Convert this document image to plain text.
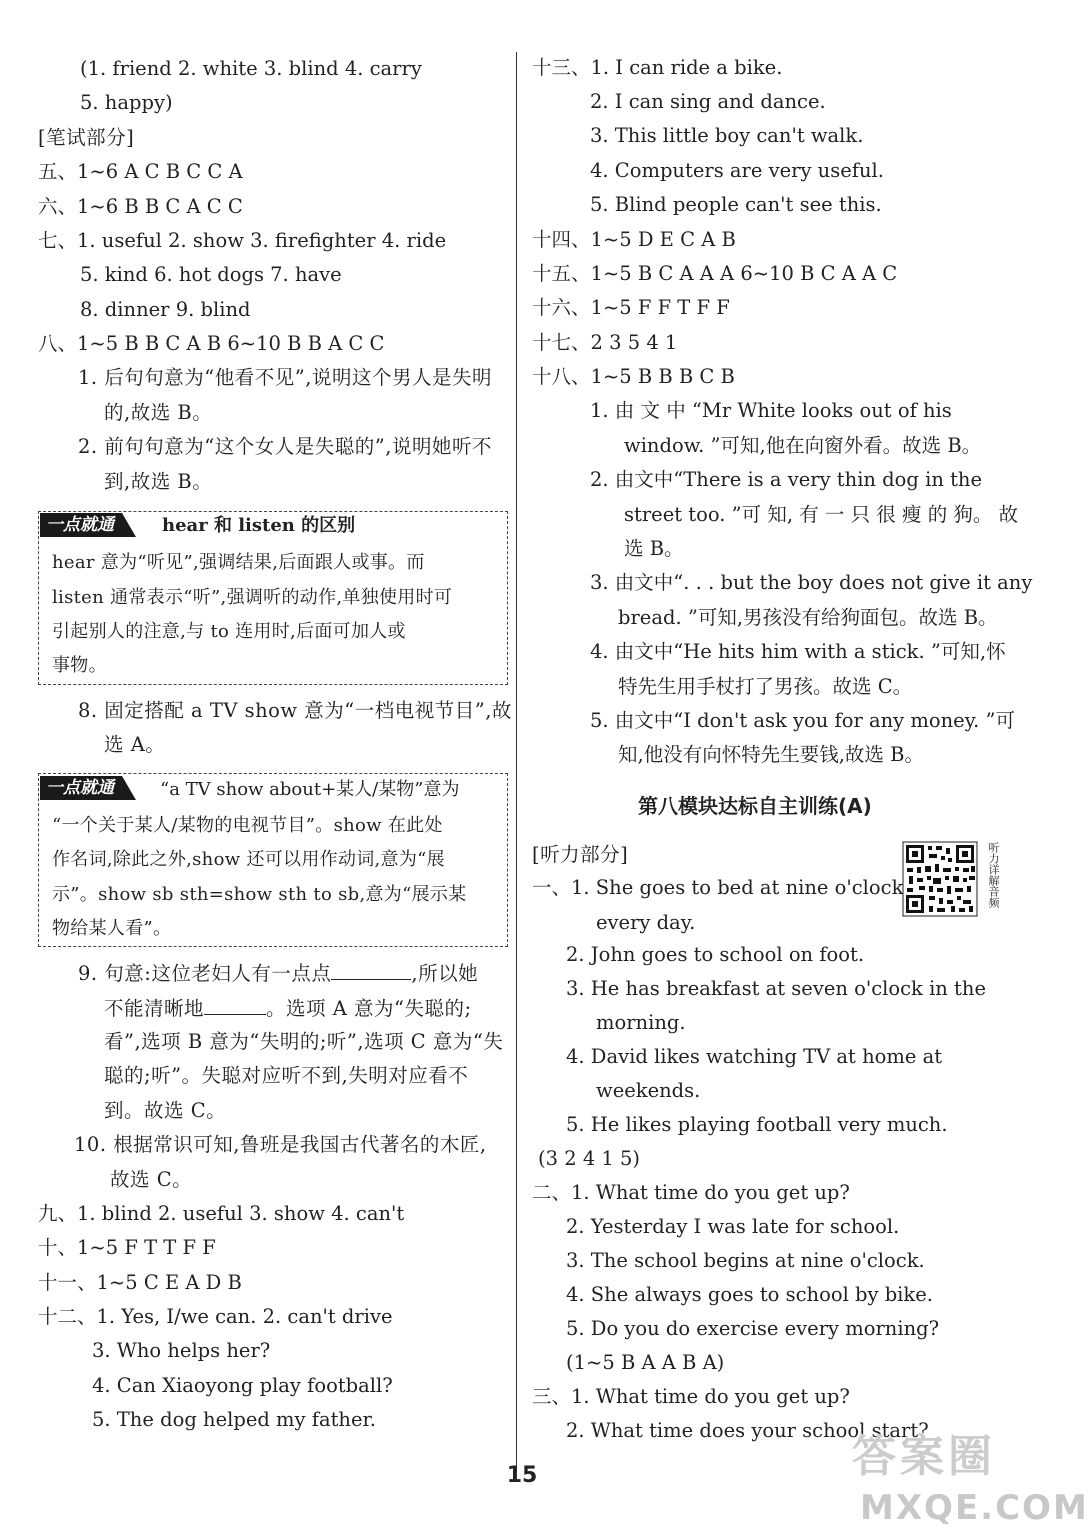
(1. friend 2. white 3. blind 4. carry
5. happy)
[笔试部分]
五、1~6 A C B C C A
六、1~6 B B C A C C
七、1. useful 2. show 3. firefighter 4. ride
5. kind 6. hot dogs 7. have
8. dinner 9. blind
八、1~5 B B C A B 6~10 B B A C C
1. 后句句意为“他看不见”,说明这个男人是失明
的,故选 B。
2. 前句句意为“这个女人是失聪的”,说明她听不
到,故选 B。
一点就通	hear 和 listen 的区别
hear 意为“听见”,强调结果,后面跟人或事。而
listen 通常表示“听”,强调听的动作,单独使用时可
引起别人的注意,与 to 连用时,后面可加人或
事物。
8. 固定搭配 a TV show 意为“一档电视节目”,故
选 A。
一点就通	“a TV show about+某人/某物”意为
“一个关于某人/某物的电视节目”。show 在此处
作名词,除此之外,show 还可以用作动词,意为“展
示”。show sb sth=show sth to sb,意为“展示某
物给某人看”。
9. 句意:这位老妇人有一点点	,所以她
不能清晰地	。选项 A 意为“失聪的;
看”,选项 B 意为“失明的;听”,选项 C 意为“失
聪的;听”。失聪对应听不到,失明对应看不
到。故选 C。
10. 根据常识可知,鲁班是我国古代著名的木匠,
故选 C。
九、1. blind 2. useful 3. show 4. can't
十、1~5 F T T F F
十一、1~5 C E A D B
十二、1. Yes, I/we can. 2. can't drive
3. Who helps her?
4. Can Xiaoyong play football?
5. The dog helped my father.
十三、1. I can ride a bike.
2. I can sing and dance.
3. This little boy can't walk.
4. Computers are very useful.
5. Blind people can't see this.
十四、1~5 D E C A B
十五、1~5 B C A A A 6~10 B C A A C
十六、1~5 F F T F F
十七、2 3 5 4 1
十八、1~5 B B B C B
1. 由 文 中 “Mr White looks out of his
window. ”可知,他在向窗外看。故选 B。
2. 由文中“There is a very thin dog in the
street too. ”可 知, 有 一 只 很 瘦 的 狗。 故
选 B。
3. 由文中“. . . but the boy does not give it any
bread. ”可知,男孩没有给狗面包。故选 B。
4. 由文中“He hits him with a stick. ”可知,怀
特先生用手杖打了男孩。故选 C。
5. 由文中“I don't ask you for any money. ”可
知,他没有向怀特先生要钱,故选 B。
第八模块达标自主训练(A)
[听力部分]
一、1. She goes to bed at nine o'clock
every day.
2. John goes to school on foot.
3. He has breakfast at seven o'clock in the
morning.
4. David likes watching TV at home at
weekends.
5. He likes playing football very much.
(3 2 4 1 5)
二、1. What time do you get up?
2. Yesterday I was late for school.
3. The school begins at nine o'clock.
4. She always goes to school by bike.
5. Do you do exercise every morning?
(1~5 B A A B A)
三、1. What time do you get up?
2. What time does your school start?
听力详解音频
15	答案圈
MXQE.COM
